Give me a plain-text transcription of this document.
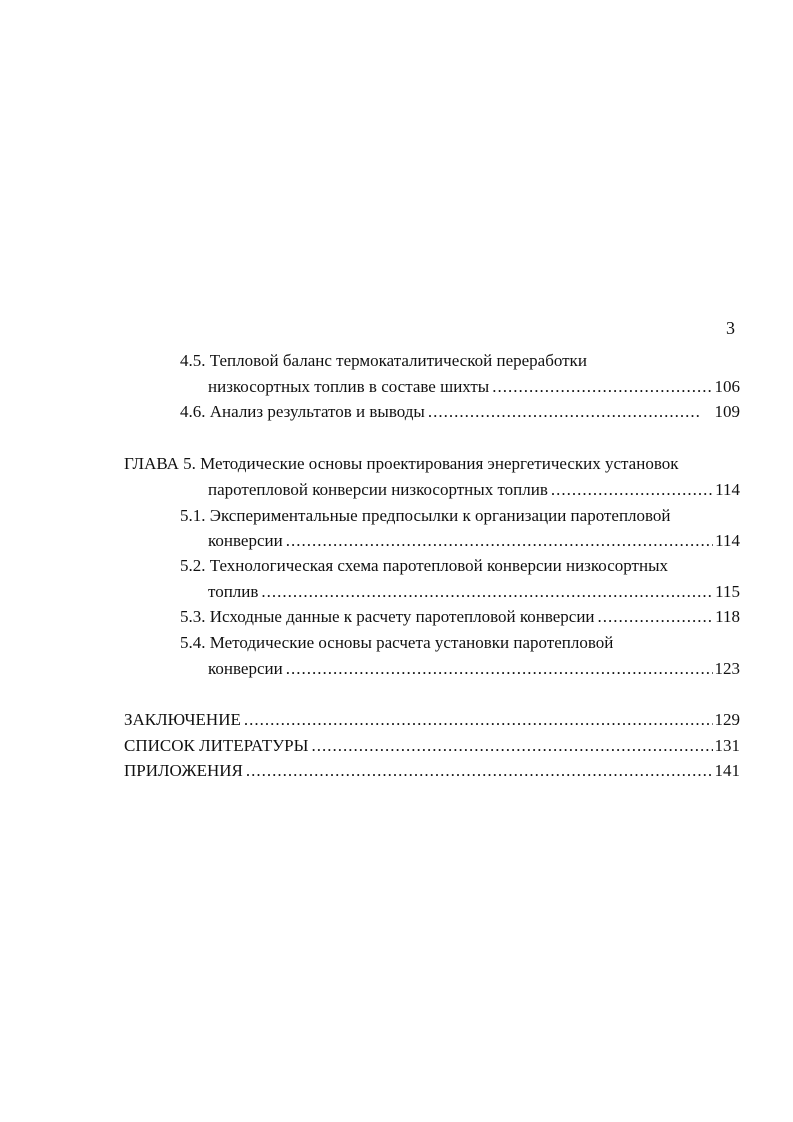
3
4.5. Тепловой баланс термокаталитической переработки
низкосортных топлив в составе шихты .....	106
4.6. Анализ результатов и выводы .....	109
ГЛАВА 5. Методические основы проектирования энергетических установок
паротепловой конверсии низкосортных топлив .....	114
5.1. Экспериментальные предпосылки к организации паротепловой
конверсии .....	114
5.2. Технологическая схема паротепловой конверсии низкосортных
топлив .....	115
5.3. Исходные данные к расчету паротепловой конверсии .....	118
5.4. Методические основы расчета установки паротепловой
конверсии .....	123
ЗАКЛЮЧЕНИЕ .....	129
СПИСОК ЛИТЕРАТУРЫ .....	131
ПРИЛОЖЕНИЯ .....	141
